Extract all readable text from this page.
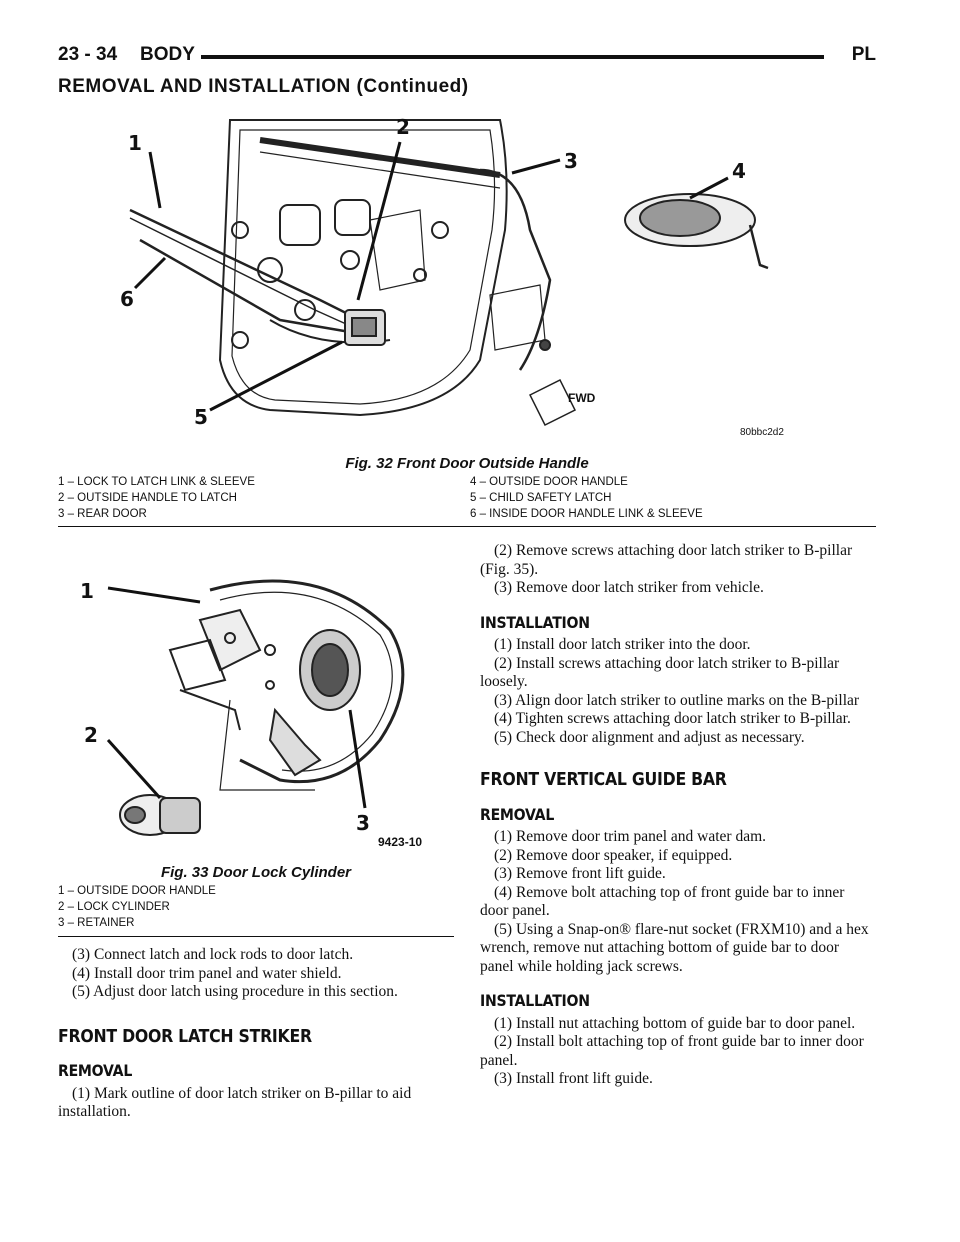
23 - 34 BODY	PL
REMOVAL AND INSTALLATION (Continued)
1
2
3	4
5
6
FWD
80bbc2d2
Fig. 32 Front Door Outside Handle
1 – LOCK TO LATCH LINK & SLEEVE
2 – OUTSIDE HANDLE TO LATCH
3 – REAR DOOR
4 – OUTSIDE DOOR HANDLE
5 – CHILD SAFETY LATCH
6 – INSIDE DOOR HANDLE LINK & SLEEVE
1
2
3
9423-10
Fig. 33 Door Lock Cylinder
1 – OUTSIDE DOOR HANDLE
2 – LOCK CYLINDER
3 – RETAINER

(3) Connect latch and lock rods to door latch.

(4) Install door trim panel and water shield.

(5) Adjust door latch using procedure in this section.

FRONT DOOR LATCH STRIKER
REMOVAL

(1) Mark outline of door latch striker on B-pillar to aid installation.

(2) Remove screws attaching door latch striker to B-pillar (Fig. 35).

(3) Remove door latch striker from vehicle.

INSTALLATION

(1) Install door latch striker into the door.

(2) Install screws attaching door latch striker to B-pillar loosely.

(3) Align door latch striker to outline marks on the B-pillar

(4) Tighten screws attaching door latch striker to B-pillar.

(5) Check door alignment and adjust as necessary.

FRONT VERTICAL GUIDE BAR
REMOVAL

(1) Remove door trim panel and water dam.

(2) Remove door speaker, if equipped.

(3) Remove front lift guide.

(4) Remove bolt attaching top of front guide bar to inner door panel.

(5) Using a Snap-on® flare-nut socket (FRXM10) and a hex wrench, remove nut attaching bottom of guide bar to door panel while holding jack screws.

INSTALLATION

(1) Install nut attaching bottom of guide bar to door panel.

(2) Install bolt attaching top of front guide bar to inner door panel.

(3) Install front lift guide.
